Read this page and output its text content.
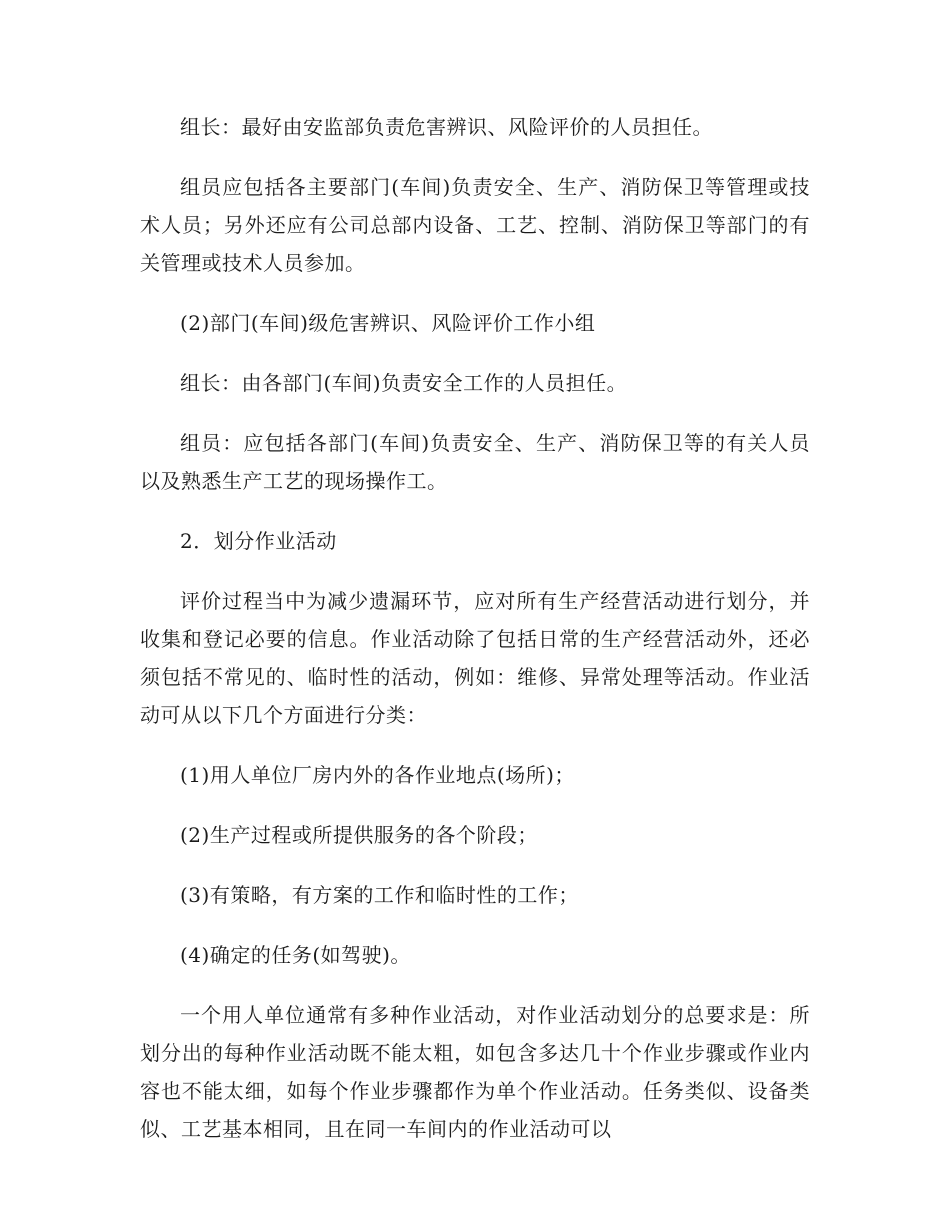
组长：最好由安监部负责危害辨识、风险评价的人员担任。

组员应包括各主要部门(车间)负责安全、生产、消防保卫等管理或技术人员；另外还应有公司总部内设备、工艺、控制、消防保卫等部门的有关管理或技术人员参加。

(2)部门(车间)级危害辨识、风险评价工作小组

组长：由各部门(车间)负责安全工作的人员担任。

组员：应包括各部门(车间)负责安全、生产、消防保卫等的有关人员以及熟悉生产工艺的现场操作工。

2．划分作业活动

评价过程当中为减少遗漏环节，应对所有生产经营活动进行划分，并收集和登记必要的信息。作业活动除了包括日常的生产经营活动外，还必须包括不常见的、临时性的活动，例如：维修、异常处理等活动。作业活动可从以下几个方面进行分类：

(1)用人单位厂房内外的各作业地点(场所)；

(2)生产过程或所提供服务的各个阶段；

(3)有策略，有方案的工作和临时性的工作；

(4)确定的任务(如驾驶)。

一个用人单位通常有多种作业活动，对作业活动划分的总要求是：所划分出的每种作业活动既不能太粗，如包含多达几十个作业步骤或作业内容也不能太细，如每个作业步骤都作为单个作业活动。任务类似、设备类似、工艺基本相同，且在同一车间内的作业活动可以
